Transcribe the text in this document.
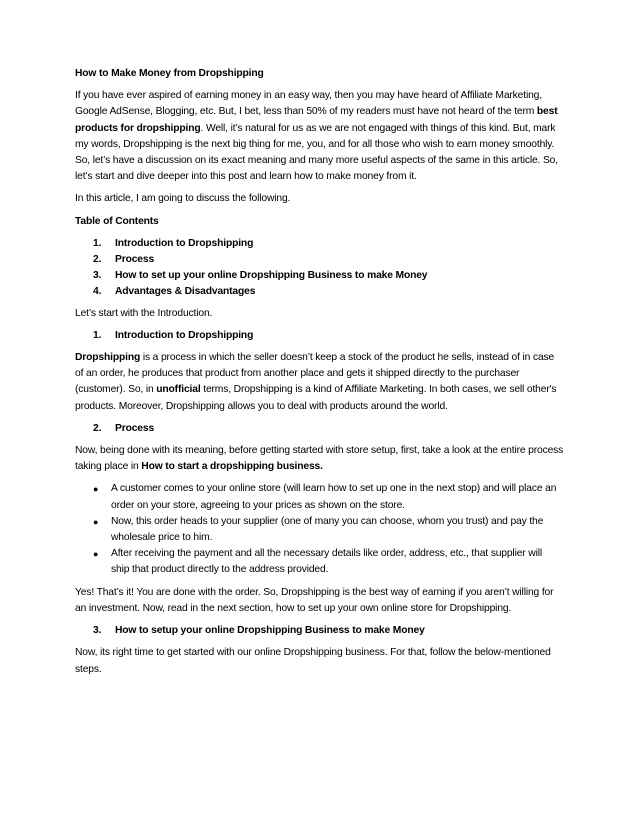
How to Make Money from Dropshipping

If you have ever aspired of earning money in an easy way, then you may have heard of Affiliate Marketing, Google AdSense, Blogging, etc. But, I bet, less than 50% of my readers must have not heard of the term best products for dropshipping. Well, it’s natural for us as we are not engaged with things of this kind. But, mark my words, Dropshipping is the next big thing for me, you, and for all those who wish to earn money smoothly. So, let’s have a discussion on its exact meaning and many more useful aspects of the same in this article. So, let’s start and dive deeper into this post and learn how to make money from it.

In this article, I am going to discuss the following.

Table of Contents

1.	Introduction to Dropshipping
2.	Process
3.	How to set up your online Dropshipping Business to make Money
4.	Advantages & Disadvantages

Let’s start with the Introduction.

1.	Introduction to Dropshipping

Dropshipping is a process in which the seller doesn’t keep a stock of the product he sells, instead of in case of an order, he produces that product from another place and gets it shipped directly to the purchaser (customer). So, in unofficial terms, Dropshipping is a kind of Affiliate Marketing. In both cases, we sell other's products. Moreover, Dropshipping allows you to deal with products around the world.

2.	Process

Now, being done with its meaning, before getting started with store setup, first, take a look at the entire process taking place in How to start a dropshipping business.

●	A customer comes to your online store (will learn how to set up one in the next stop) and will place an order on your store, agreeing to your prices as shown on the store.
●	Now, this order heads to your supplier (one of many you can choose, whom you trust) and pay the wholesale price to him.
●	After receiving the payment and all the necessary details like order, address, etc., that supplier will ship that product directly to the address provided.

Yes! That’s it! You are done with the order. So, Dropshipping is the best way of earning if you aren’t willing for an investment. Now, read in the next section, how to set up your own online store for Dropshipping.

3.	How to setup your online Dropshipping Business to make Money

Now, its right time to get started with our online Dropshipping business. For that, follow the below-mentioned steps.
